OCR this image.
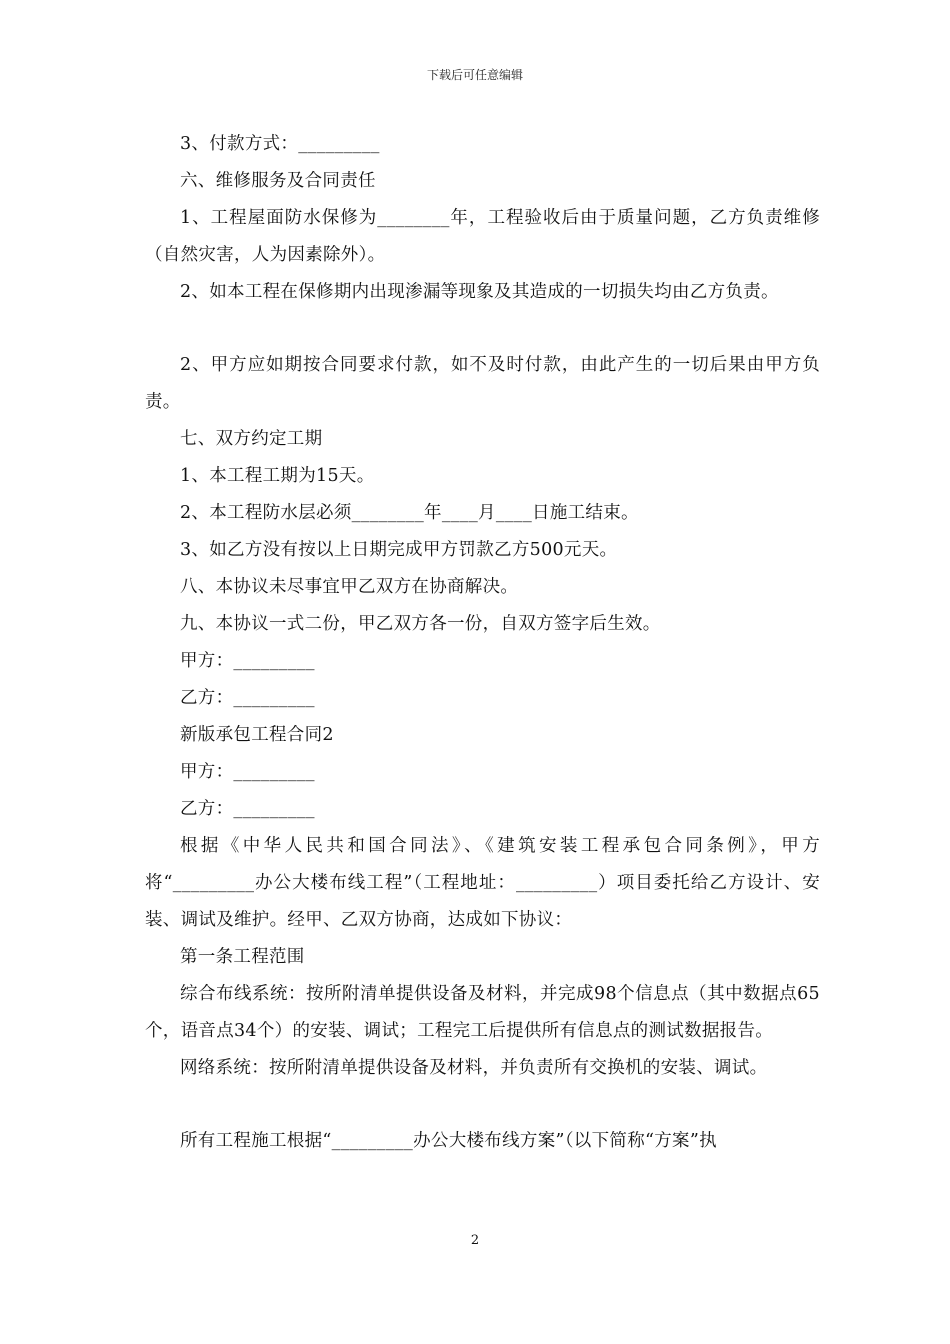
下载后可任意编辑

3、付款方式：_________

六、维修服务及合同责任

1、工程屋面防水保修为________年，工程验收后由于质量问题，乙方负责维修（自然灾害，人为因素除外）。

2、如本工程在保修期内出现渗漏等现象及其造成的一切损失均由乙方负责。

2、甲方应如期按合同要求付款，如不及时付款，由此产生的一切后果由甲方负责。

七、双方约定工期

1、本工程工期为15天。

2、本工程防水层必须________年____月____日施工结束。

3、如乙方没有按以上日期完成甲方罚款乙方500元天。

八、本协议未尽事宜甲乙双方在协商解决。

九、本协议一式二份，甲乙双方各一份，自双方签字后生效。

甲方：_________

乙方：_________

新版承包工程合同2

甲方：_________

乙方：_________

根据《中华人民共和国合同法》、《建筑安装工程承包合同条例》，甲方将“_________办公大楼布线工程”（工程地址：_________）项目委托给乙方设计、安装、调试及维护。经甲、乙双方协商，达成如下协议：

第一条工程范围

综合布线系统：按所附清单提供设备及材料，并完成98个信息点（其中数据点65个，语音点34个）的安装、调试；工程完工后提供所有信息点的测试数据报告。

网络系统：按所附清单提供设备及材料，并负责所有交换机的安装、调试。

所有工程施工根据“_________办公大楼布线方案”（以下简称“方案”执

2
